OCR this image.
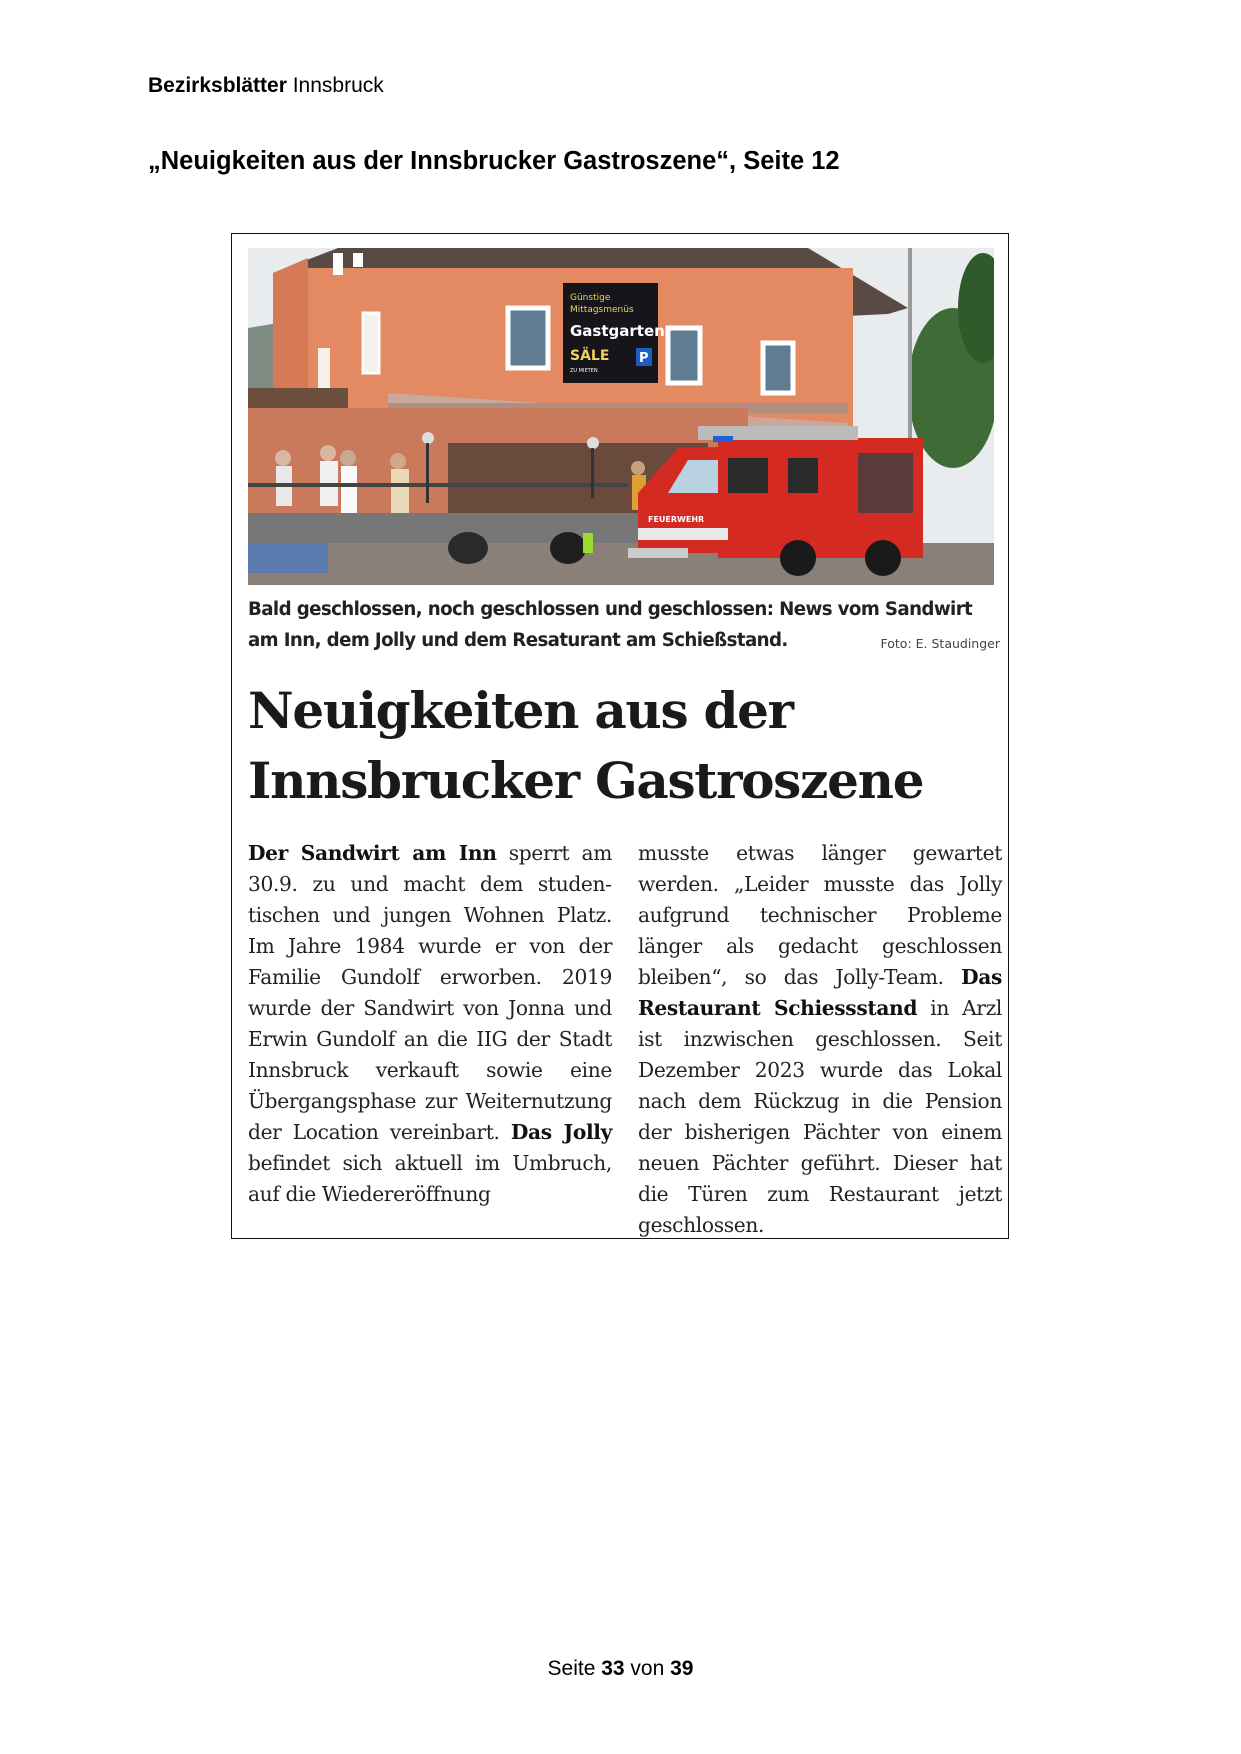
Bezirksblätter Innsbruck
„Neuigkeiten aus der Innsbrucker Gastroszene“, Seite 12
Günstige
Mittagsmenüs
Gastgarten
SÄLE
ZU MIETEN
P
FEUERWEHR
Bald geschlossen, noch geschlossen und geschlossen: News vom Sandwirt am Inn, dem Jolly und dem Resaturant am Schießstand.	Foto: E. Staudinger
Neuigkeiten aus der
Innsbrucker Gastroszene
Der Sandwirt am Inn sperrt am 30.9. zu und macht dem studentischen und jungen Wohnen Platz. Im Jahre 1984 wurde er von der Familie Gundolf erworben. 2019 wurde der Sandwirt von Jonna und Erwin Gundolf an die IIG der Stadt Innsbruck verkauft sowie eine Übergangsphase zur Weiternutzung der Location vereinbart. Das Jolly befindet sich aktuell im Umbruch, auf die Wiedereröffnung
musste etwas länger gewartet werden. „Leider musste das Jolly aufgrund technischer Probleme länger als gedacht geschlossen bleiben“, so das Jolly-Team. Das Restaurant Schiessstand in Arzl ist inzwischen geschlossen. Seit Dezember 2023 wurde das Lokal nach dem Rückzug in die Pension der bisherigen Pächter von einem neuen Pächter geführt. Dieser hat die Türen zum Restaurant jetzt geschlossen.
Seite 33 von 39
